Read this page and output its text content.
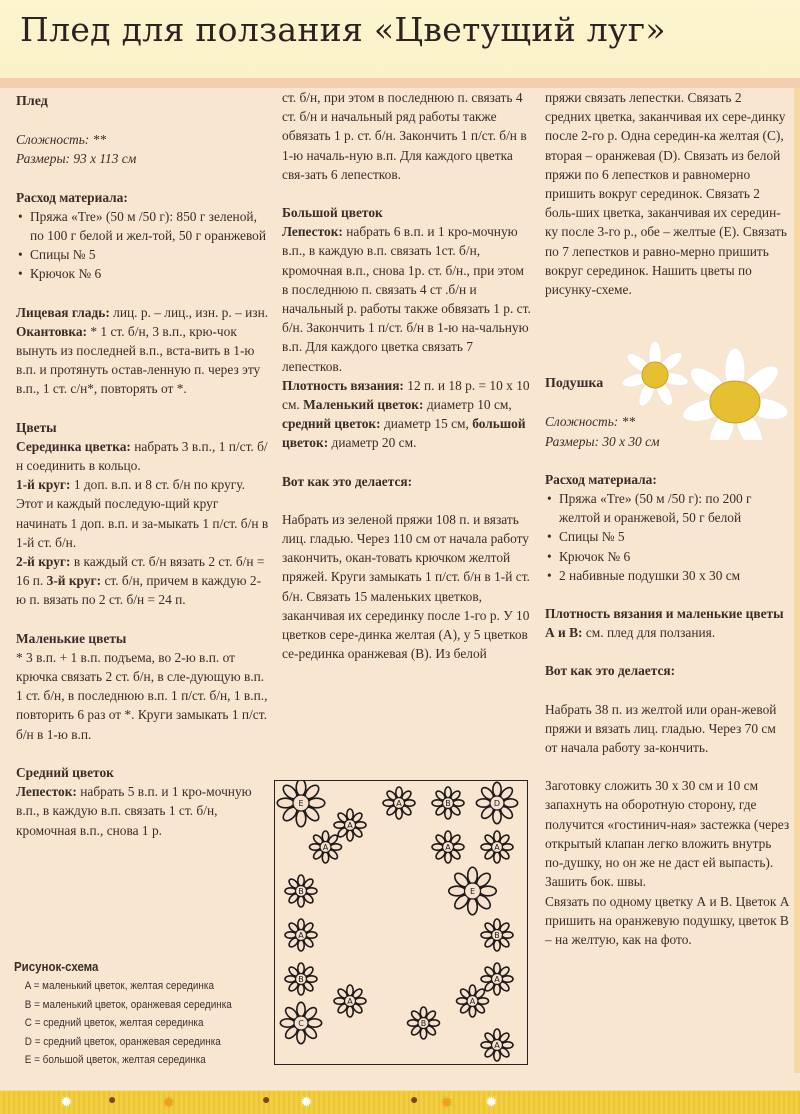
Плед для ползания «Цветущий луг»

Плед

Сложность: **

Размеры: 93 х 113 см

Расход материала:

• Пряжа «Tre» (50 м /50 г): 850 г зеленой, по 100 г белой и жел-той, 50 г оранжевой
• Спицы № 5
• Крючок № 6

Лицевая гладь: лиц. р. – лиц., изн. р. – изн.

Окантовка: * 1 ст. б/н, 3 в.п., крю-чок вынуть из последней в.п., вста-вить в 1-ю в.п. и протянуть остав-ленную п. через эту в.п., 1 ст. с/н*, повторять от *.

Цветы

Серединка цветка: набрать 3 в.п., 1 п/ст. б/н соединить в кольцо.

1-й круг: 1 доп. в.п. и 8 ст. б/н по кругу. Этот и каждый последую-щий круг начинать 1 доп. в.п. и за-мыкать 1 п/ст. б/н в 1-й ст. б/н.

2-й круг: в каждый ст. б/н вязать 2 ст. б/н = 16 п. 3-й круг: ст. б/н, причем в каждую 2-ю п. вязать по 2 ст. б/н = 24 п.

Маленькие цветы

* 3 в.п. + 1 в.п. подъема, во 2-ю в.п. от крючка связать 2 ст. б/н, в сле-дующую в.п. 1 ст. б/н, в последнюю в.п. 1 п/ст. б/н, 1 в.п., повторить 6 раз от *. Круги замыкать 1 п/ст. б/н в 1-ю в.п.

Средний цветок

Лепесток: набрать 5 в.п. и 1 кро-мочную в.п., в каждую в.п. связать 1 ст. б/н, кромочная в.п., снова 1 р.

Рисунок-схема

A = маленький цветок, желтая серединка
B = маленький цветок, оранжевая серединка
C = средний цветок, желтая серединка
D = средний цветок, оранжевая серединка
E = большой цветок, желтая серединка

ст. б/н, при этом в последнюю п. связать 4 ст. б/н и начальный ряд работы также обвязать 1 р. ст. б/н. Закончить 1 п/ст. б/н в 1-ю началь-ную в.п. Для каждого цветка свя-зать 6 лепестков.

Большой цветок

Лепесток: набрать 6 в.п. и 1 кро-мочную в.п., в каждую в.п. связать 1ст. б/н, кромочная в.п., снова 1р. ст. б/н., при этом в последнюю п. связать 4 ст .б/н и начальный р. работы также обвязать 1 р. ст. б/н. Закончить 1 п/ст. б/н в 1-ю на-чальную в.п. Для каждого цветка связать 7 лепестков.

Плотность вязания: 12 п. и 18 р. = 10 х 10 см. Маленький цветок: диаметр 10 см, средний цветок: диаметр 15 см, большой цветок: диаметр 20 см.

Вот как это делается:

Набрать из зеленой пряжи 108 п. и вязать лиц. гладью. Через 110 см от начала работу закончить, окан-товать крючком желтой пряжей. Круги замыкать 1 п/ст. б/н в 1-й ст. б/н. Связать 15 маленьких цветков, заканчивая их серединку после 1-го р. У 10 цветков сере-динка желтая (А), у 5 цветков се-рединка оранжевая (В). Из белой

E
A
A	B	D
A	A	A
B	E
A	B
A
B
A	A
C	B
A

пряжи связать лепестки. Связать 2 средних цветка, заканчивая их сере-динку после 2-го р. Одна середин-ка желтая (С), вторая – оранжевая (D). Связать из белой пряжи по 6 лепестков и равномерно пришить вокруг серединок. Связать 2 боль-ших цветка, заканчивая их середин-ку после 3-го р., обе – желтые (Е). Связать по 7 лепестков и равно-мерно пришить вокруг серединок. Нашить цветы по рисунку-схеме.

Подушка

Сложность: **

Размеры: 30 х 30 см

Расход материала:

• Пряжа «Tre» (50 м /50 г): по 200 г желтой и оранжевой, 50 г белой
• Спицы № 5
• Крючок № 6
• 2 набивные подушки 30 х 30 см

Плотность вязания и маленькие цветы А и В: см. плед для ползания.

Вот как это делается:

Набрать 38 п. из желтой или оран-жевой пряжи и вязать лиц. гладью. Через 70 см от начала работу за-кончить.

Заготовку сложить 30 х 30 см и 10 см запахнуть на оборотную сторону, где получится «гостинич-ная» застежка (через открытый клапан легко вложить внутрь по-душку, но он же не даст ей выпасть). Зашить бок. швы.

Связать по одному цветку А и В. Цветок А пришить на оранжевую подушку, цветок В – на желтую, как на фото.

✹	●	✹	✹
●	● ✹ ✹
